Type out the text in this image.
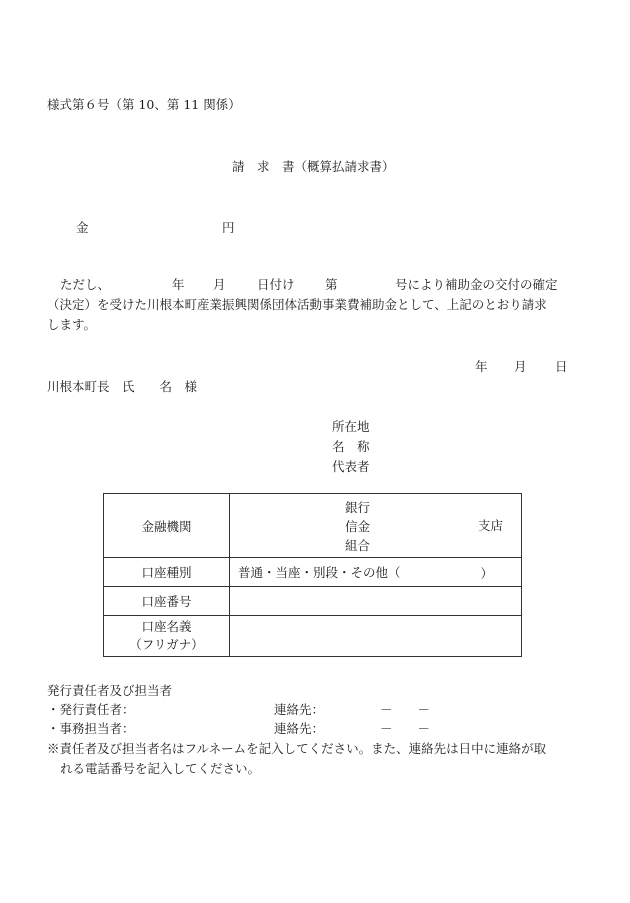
様式第６号（第 10、第 11 関係）
請　求　書（概算払請求書）
金	円
ただし、	年 月	日付け 第	号により補助金の交付の確定
（決定）を受けた川根本町産業振興関係団体活動事業費補助金として、上記のとおり請求
します。
年 月 日
川根本町長　氏　　名　様
所在地
名　称
代表者
金融機関	銀行
信金
組合
支店

口座種別	普通・当座・別段・その他（ ）

口座番号	

口座名義
（フリガナ）	

発行責任者及び担当者
・発行責任者：	連絡先：	－　　－
・事務担当者：	連絡先：	－　　－
※責任者及び担当者名はフルネームを記入してください。また、連絡先は日中に連絡が取
れる電話番号を記入してください。
